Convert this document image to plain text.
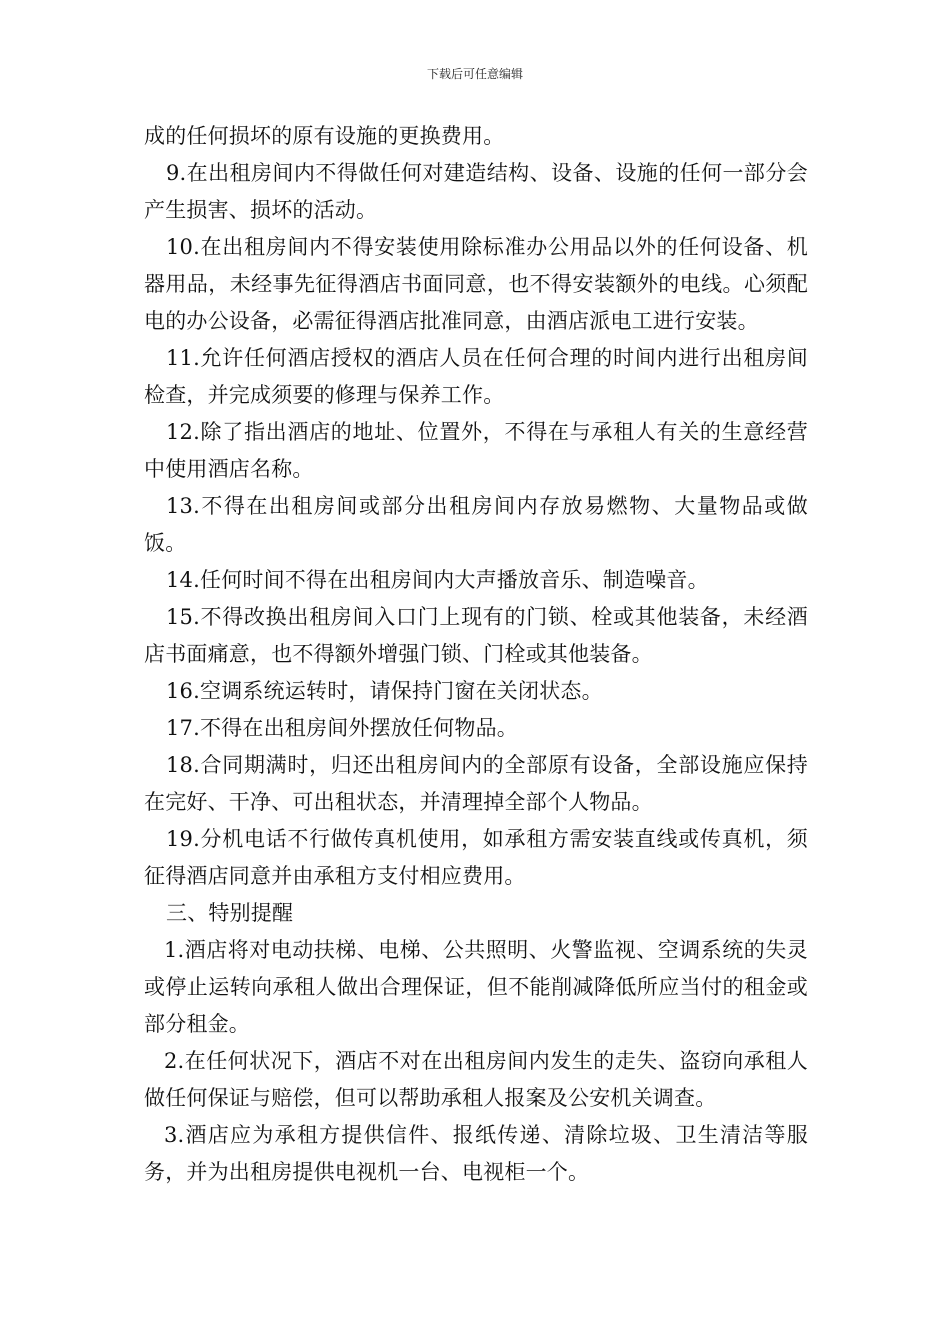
下载后可任意编辑

成的任何损坏的原有设施的更换费用。

9.在出租房间内不得做任何对建造结构、设备、设施的任何一部分会产生损害、损坏的活动。

10.在出租房间内不得安装使用除标准办公用品以外的任何设备、机器用品，未经事先征得酒店书面同意，也不得安装额外的电线。心须配电的办公设备，必需征得酒店批准同意，由酒店派电工进行安装。

11.允许任何酒店授权的酒店人员在任何合理的时间内进行出租房间检查，并完成须要的修理与保养工作。

12.除了指出酒店的地址、位置外，不得在与承租人有关的生意经营中使用酒店名称。

13.不得在出租房间或部分出租房间内存放易燃物、大量物品或做饭。

14.任何时间不得在出租房间内大声播放音乐、制造噪音。

15.不得改换出租房间入口门上现有的门锁、栓或其他装备，未经酒店书面痛意，也不得额外增强门锁、门栓或其他装备。

16.空调系统运转时，请保持门窗在关闭状态。

17.不得在出租房间外摆放任何物品。

18.合同期满时，归还出租房间内的全部原有设备，全部设施应保持在完好、干净、可出租状态，并清理掉全部个人物品。

19.分机电话不行做传真机使用，如承租方需安装直线或传真机，须征得酒店同意并由承租方支付相应费用。

三、特别提醒

1.酒店将对电动扶梯、电梯、公共照明、火警监视、空调系统的失灵或停止运转向承租人做出合理保证，但不能削减降低所应当付的租金或部分租金。

2.在任何状况下，酒店不对在出租房间内发生的走失、盗窃向承租人做任何保证与赔偿，但可以帮助承租人报案及公安机关调查。

3.酒店应为承租方提供信件、报纸传递、清除垃圾、卫生清洁等服务，并为出租房提供电视机一台、电视柜一个。
